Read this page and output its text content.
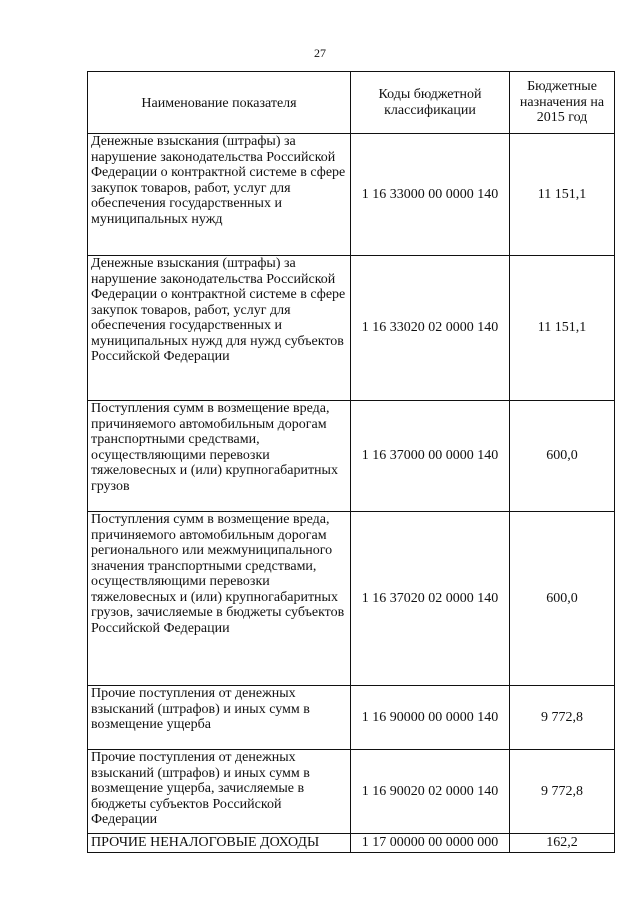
27
Наименование показателя	Коды бюджетной классификации	Бюджетные назначения на 2015 год
Денежные взыскания (штрафы) за нарушение законодательства Российской Федерации о контрактной системе в сфере закупок товаров, работ, услуг для обеспечения государственных и муниципальных нужд	1 16 33000 00 0000 140	11 151,1
Денежные взыскания (штрафы) за нарушение законодательства Российской Федерации о контрактной системе в сфере закупок товаров, работ, услуг для обеспечения государственных и муниципальных нужд для нужд субъектов Российской Федерации	1 16 33020 02 0000 140	11 151,1
Поступления сумм в возмещение вреда, причиняемого автомобильным дорогам транспортными средствами, осуществляющими перевозки тяжеловесных и (или) крупногабаритных грузов	1 16 37000 00 0000 140	600,0
Поступления сумм в возмещение вреда, причиняемого автомобильным дорогам регионального или межмуниципального значения транспортными средствами, осуществляющими перевозки тяжеловесных и (или) крупногабаритных грузов, зачисляемые в бюджеты субъектов Российской Федерации	1 16 37020 02 0000 140	600,0
Прочие поступления от денежных взысканий (штрафов) и иных сумм в возмещение ущерба	1 16 90000 00 0000 140	9 772,8
Прочие поступления от денежных взысканий (штрафов) и иных сумм в возмещение ущерба, зачисляемые в бюджеты субъектов Российской Федерации	1 16 90020 02 0000 140	9 772,8
ПРОЧИЕ НЕНАЛОГОВЫЕ ДОХОДЫ	1 17 00000 00 0000 000	162,2
